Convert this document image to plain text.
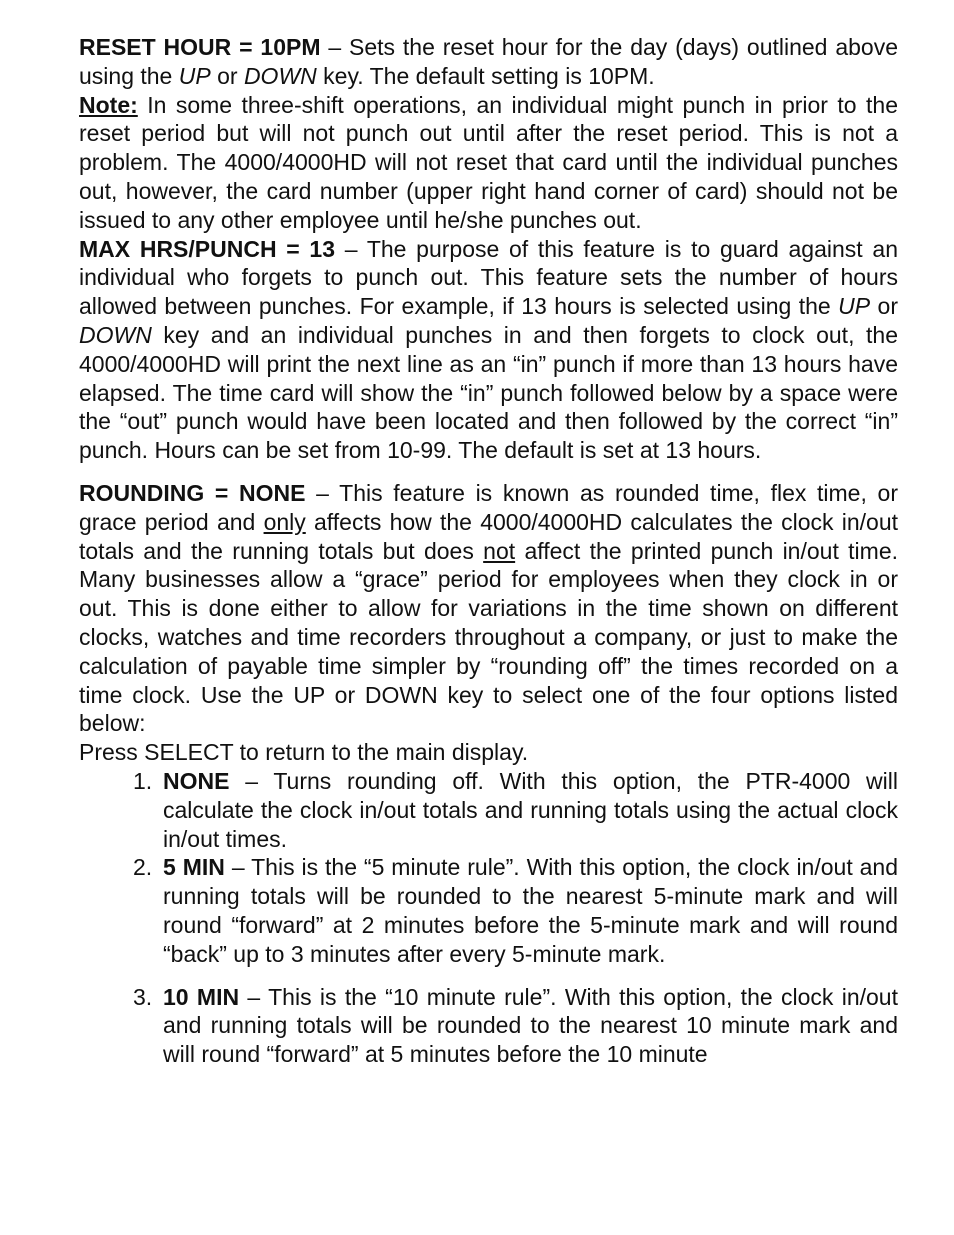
RESET HOUR = 10PM – Sets the reset hour for the day (days) outlined above using the UP or DOWN key. The default setting is 10PM.

Note: In some three-shift operations, an individual might punch in prior to the reset period but will not punch out until after the reset period. This is not a problem. The 4000/4000HD will not reset that card until the individual punches out, however, the card number (upper right hand corner of card) should not be issued to any other employee until he/she punches out.

MAX HRS/PUNCH = 13 – The purpose of this feature is to guard against an individual who forgets to punch out. This feature sets the number of hours allowed between punches. For example, if 13 hours is selected using the UP or DOWN key and an individual punches in and then forgets to clock out, the 4000/4000HD will print the next line as an “in” punch if more than 13 hours have elapsed. The time card will show the “in” punch followed below by a space were the “out” punch would have been located and then followed by the correct “in” punch. Hours can be set from 10-99. The default is set at 13 hours.

ROUNDING = NONE – This feature is known as rounded time, flex time, or grace period and only affects how the 4000/4000HD calculates the clock in/out totals and the running totals but does not affect the printed punch in/out time. Many businesses allow a “grace” period for employees when they clock in or out. This is done either to allow for variations in the time shown on different clocks, watches and time recorders throughout a company, or just to make the calculation of payable time simpler by “rounding off” the times recorded on a time clock. Use the UP or DOWN key to select one of the four options listed below:

Press SELECT to return to the main display.

1. NONE – Turns rounding off. With this option, the PTR-4000 will calculate the clock in/out totals and running totals using the actual clock in/out times.
2. 5 MIN – This is the “5 minute rule”. With this option, the clock in/out and running totals will be rounded to the nearest 5-minute mark and will round “forward” at 2 minutes before the 5-minute mark and will round “back” up to 3 minutes after every 5-minute mark.
3. 10 MIN – This is the “10 minute rule”. With this option, the clock in/out and running totals will be rounded to the nearest 10 minute mark and will round “forward” at 5 minutes before the 10 minute
